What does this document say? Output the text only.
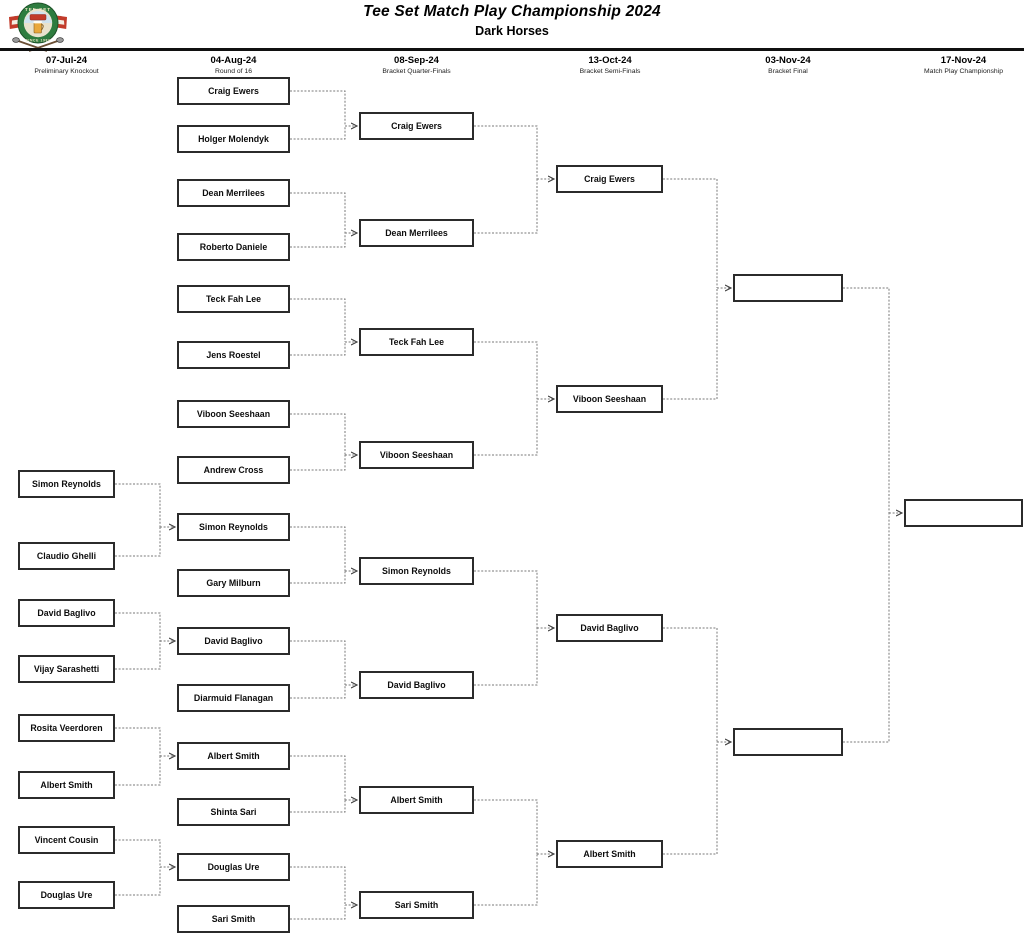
TEE SET
SINCE 1983
Tee Set Match Play Championship 2024
Dark Horses
07-Jul-24
Preliminary Knockout
Simon Reynolds
Claudio Ghelli
David Baglivo
Vijay Sarashetti
Rosita Veerdoren
Albert Smith
Vincent Cousin
Douglas Ure
04-Aug-24
Round of 16
Craig Ewers
Holger Molendyk
Dean Merrilees
Roberto Daniele
Teck Fah Lee
Jens Roestel
Viboon Seeshaan
Andrew Cross
Simon Reynolds
Gary Milburn
David Baglivo
Diarmuid Flanagan
Albert Smith
Shinta Sari
Douglas Ure
Sari Smith
08-Sep-24
Bracket Quarter-Finals
Craig Ewers
Dean Merrilees
Teck Fah Lee
Viboon Seeshaan
Simon Reynolds
David Baglivo
Albert Smith
Sari Smith
13-Oct-24
Bracket Semi-Finals
Craig Ewers
Viboon Seeshaan
David Baglivo
Albert Smith
03-Nov-24
Bracket Final
17-Nov-24
Match Play Championship
